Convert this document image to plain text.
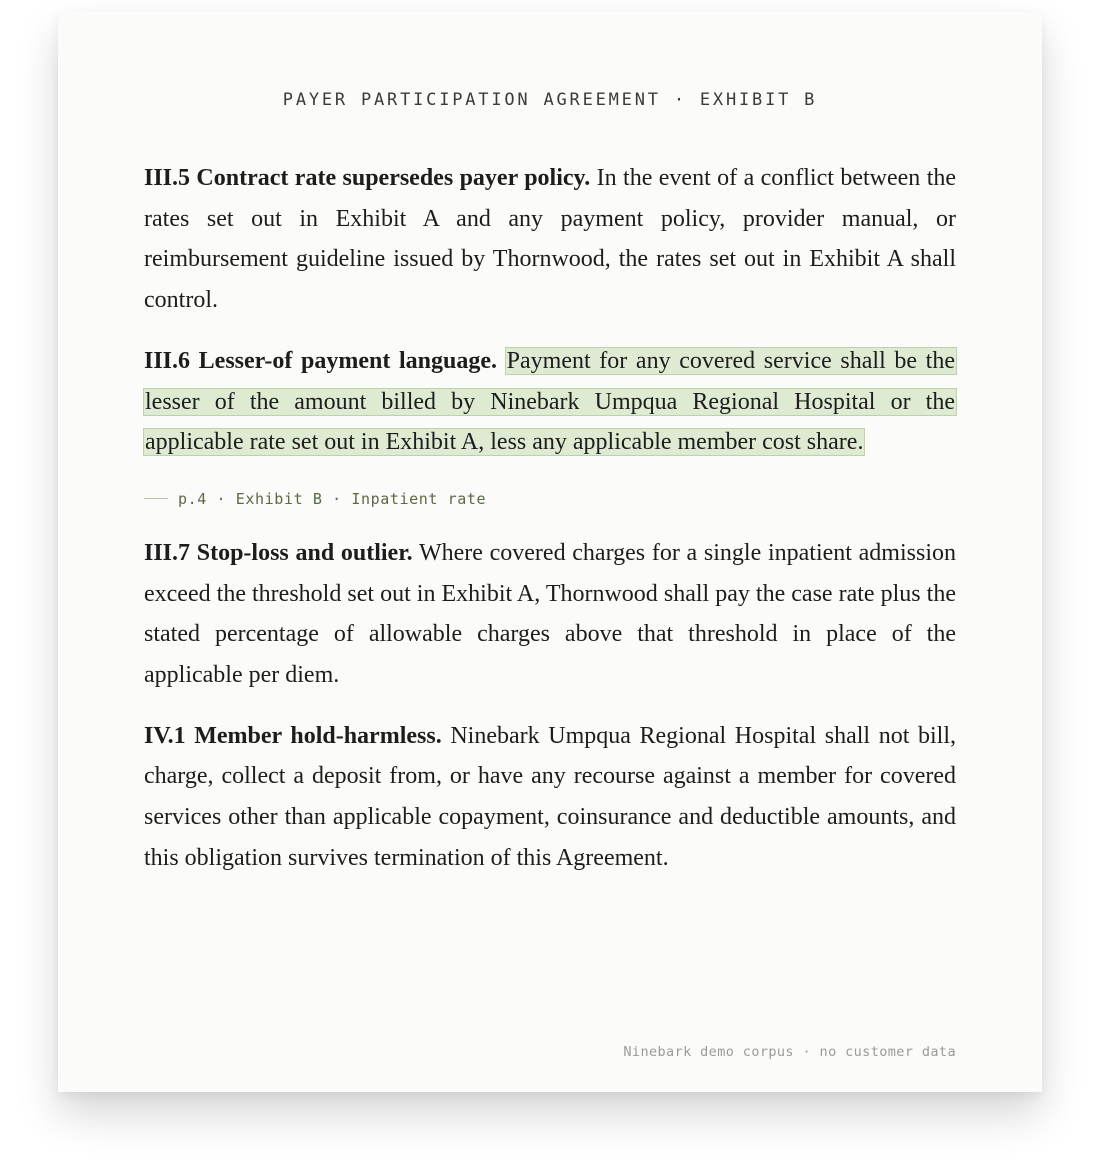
PAYER PARTICIPATION AGREEMENT · EXHIBIT B

III.5 Contract rate supersedes payer policy. In the event of a conflict between the rates set out in Exhibit A and any payment policy, provider manual, or reimbursement guideline issued by Thornwood, the rates set out in Exhibit A shall control.

III.6 Lesser-of payment language. Payment for any covered service shall be the lesser of the amount billed by Ninebark Umpqua Regional Hospital or the applicable rate set out in Exhibit A, less any applicable member cost share.

p.4 · Exhibit B · Inpatient rate

III.7 Stop-loss and outlier. Where covered charges for a single inpatient admission exceed the threshold set out in Exhibit A, Thornwood shall pay the case rate plus the stated percentage of allowable charges above that threshold in place of the applicable per diem.

IV.1 Member hold-harmless. Ninebark Umpqua Regional Hospital shall not bill, charge, collect a deposit from, or have any recourse against a member for covered services other than applicable copayment, coinsurance and deductible amounts, and this obligation survives termination of this Agreement.

Ninebark demo corpus · no customer data
